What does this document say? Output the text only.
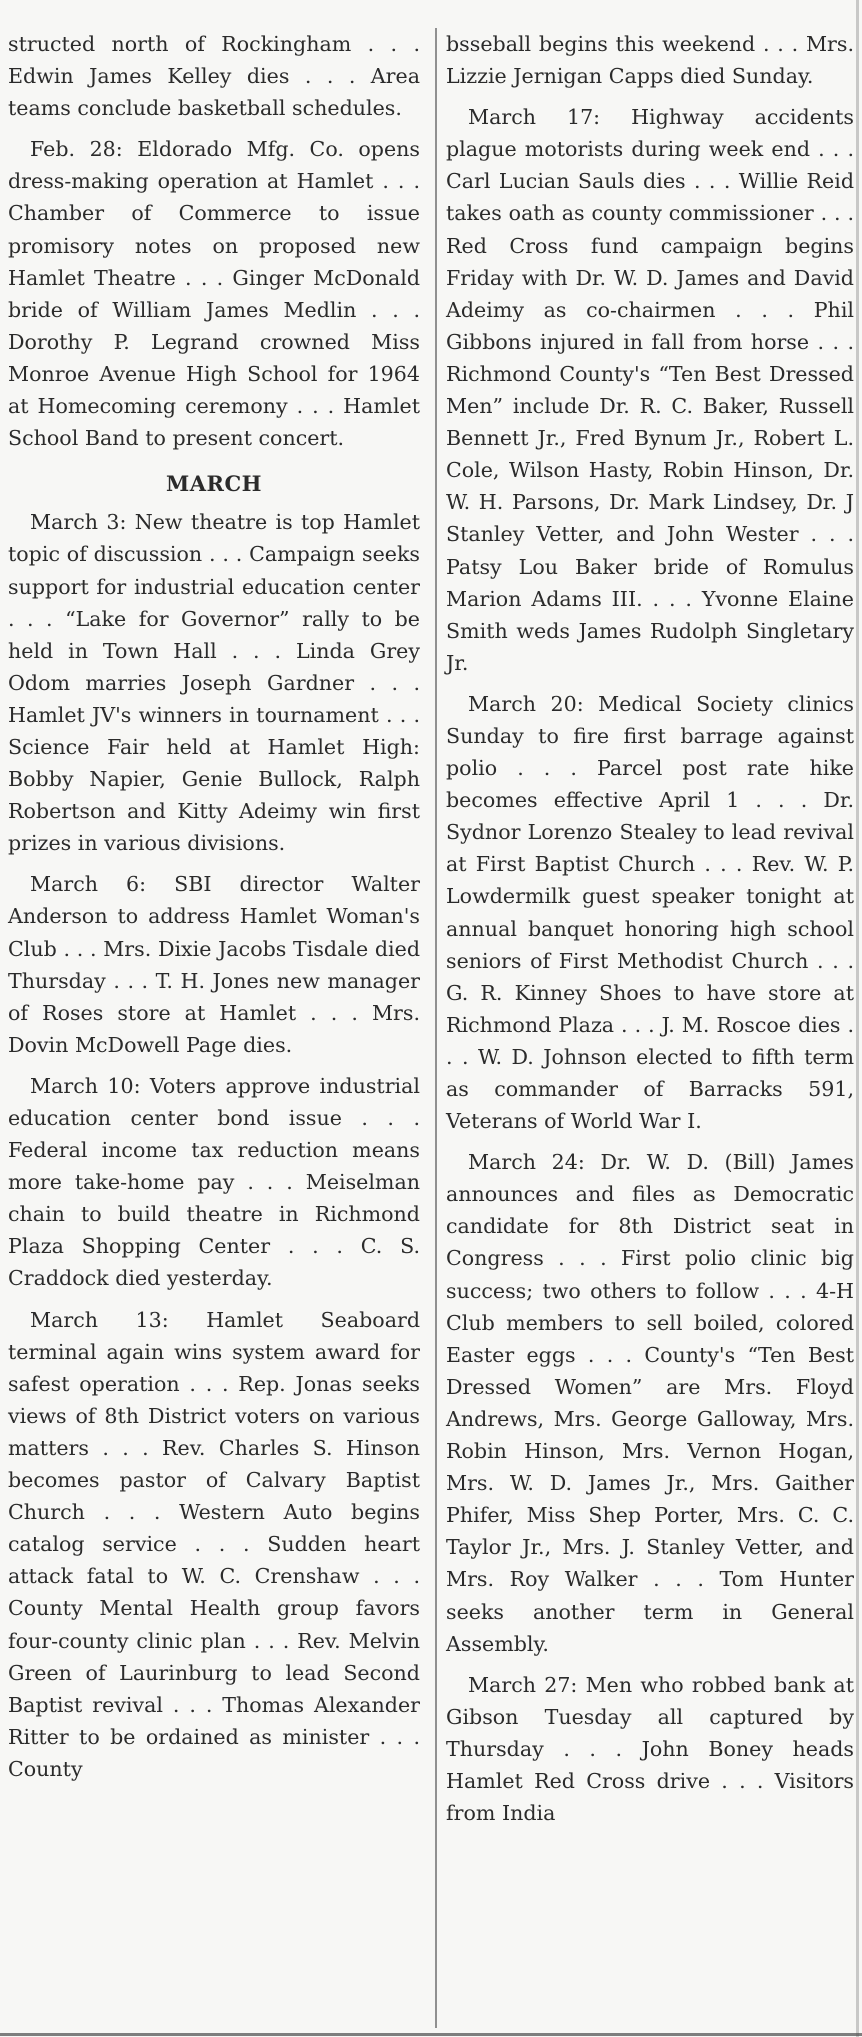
structed north of Rockingham . . . Edwin James Kelley dies . . . Area teams conclude basketball schedules.

Feb. 28: Eldorado Mfg. Co. opens dress-making operation at Hamlet . . . Chamber of Commerce to issue promisory notes on proposed new Hamlet Theatre . . . Ginger McDonald bride of William James Medlin . . . Dorothy P. Legrand crowned Miss Monroe Avenue High School for 1964 at Homecoming ceremony . . . Hamlet School Band to present concert.

MARCH

March 3: New theatre is top Hamlet topic of discussion . . . Campaign seeks support for industrial education center . . . “Lake for Governor” rally to be held in Town Hall . . . Linda Grey Odom marries Joseph Gardner . . . Hamlet JV's winners in tournament . . . Science Fair held at Hamlet High: Bobby Napier, Genie Bullock, Ralph Robertson and Kitty Adeimy win first prizes in various divisions.

March 6: SBI director Walter Anderson to address Hamlet Woman's Club . . . Mrs. Dixie Jacobs Tisdale died Thursday . . . T. H. Jones new manager of Roses store at Hamlet . . . Mrs. Dovin McDowell Page dies.

March 10: Voters approve industrial education center bond issue . . . Federal income tax reduction means more take-home pay . . . Meiselman chain to build theatre in Richmond Plaza Shopping Center . . . C. S. Craddock died yesterday.

March 13: Hamlet Seaboard terminal again wins system award for safest operation . . . Rep. Jonas seeks views of 8th District voters on various matters . . . Rev. Charles S. Hinson becomes pastor of Calvary Baptist Church . . . Western Auto begins catalog service . . . Sudden heart attack fatal to W. C. Crenshaw . . . County Mental Health group favors four-county clinic plan . . . Rev. Melvin Green of Laurinburg to lead Second Baptist revival . . . Thomas Alexander Ritter to be ordained as minister . . . County

bsseball begins this weekend . . . Mrs. Lizzie Jernigan Capps died Sunday.

March 17: Highway accidents plague motorists during week end . . . Carl Lucian Sauls dies . . . Willie Reid takes oath as county commissioner . . . Red Cross fund campaign begins Friday with Dr. W. D. James and David Adeimy as co-chairmen . . . Phil Gibbons injured in fall from horse . . . Richmond County's “Ten Best Dressed Men” include Dr. R. C. Baker, Russell Bennett Jr., Fred Bynum Jr., Robert L. Cole, Wilson Hasty, Robin Hinson, Dr. W. H. Parsons, Dr. Mark Lindsey, Dr. J Stanley Vetter, and John Wester . . . Patsy Lou Baker bride of Romulus Marion Adams III. . . . Yvonne Elaine Smith weds James Rudolph Singletary Jr.

March 20: Medical Society clinics Sunday to fire first barrage against polio . . . Parcel post rate hike becomes effective April 1 . . . Dr. Sydnor Lorenzo Stealey to lead revival at First Baptist Church . . . Rev. W. P. Lowdermilk guest speaker tonight at annual banquet honoring high school seniors of First Methodist Church . . . G. R. Kinney Shoes to have store at Richmond Plaza . . . J. M. Roscoe dies . . . W. D. Johnson elected to fifth term as commander of Barracks 591, Veterans of World War I.

March 24: Dr. W. D. (Bill) James announces and files as Democratic candidate for 8th District seat in Congress . . . First polio clinic big success; two others to follow . . . 4-H Club members to sell boiled, colored Easter eggs . . . County's “Ten Best Dressed Women” are Mrs. Floyd Andrews, Mrs. George Galloway, Mrs. Robin Hinson, Mrs. Vernon Hogan, Mrs. W. D. James Jr., Mrs. Gaither Phifer, Miss Shep Porter, Mrs. C. C. Taylor Jr., Mrs. J. Stanley Vetter, and Mrs. Roy Walker . . . Tom Hunter seeks another term in General Assembly.

March 27: Men who robbed bank at Gibson Tuesday all captured by Thursday . . . John Boney heads Hamlet Red Cross drive . . . Visitors from India
